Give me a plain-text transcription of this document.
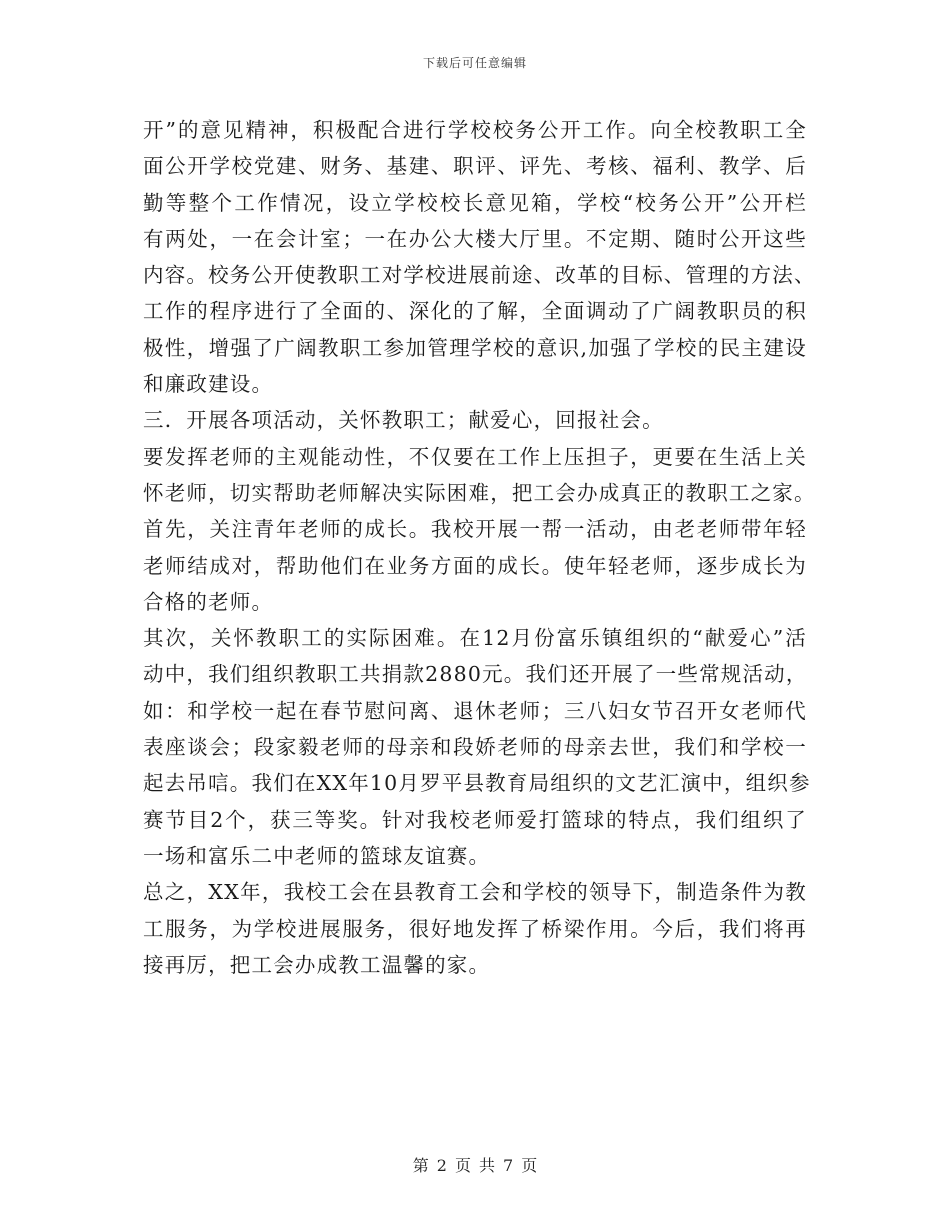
下载后可任意编辑
开”的意见精神，积极配合进行学校校务公开工作。向全校教职工全
面公开学校党建、财务、基建、职评、评先、考核、福利、教学、后
勤等整个工作情况，设立学校校长意见箱，学校“校务公开”公开栏
有两处，一在会计室；一在办公大楼大厅里。不定期、随时公开这些
内容。校务公开使教职工对学校进展前途、改革的目标、管理的方法、
工作的程序进行了全面的、深化的了解，全面调动了广阔教职员的积
极性，增强了广阔教职工参加管理学校的意识,加强了学校的民主建设
和廉政建设。
三．开展各项活动，关怀教职工；献爱心，回报社会。
要发挥老师的主观能动性，不仅要在工作上压担子，更要在生活上关
怀老师，切实帮助老师解决实际困难，把工会办成真正的教职工之家。
首先，关注青年老师的成长。我校开展一帮一活动，由老老师带年轻
老师结成对，帮助他们在业务方面的成长。使年轻老师，逐步成长为
合格的老师。
其次，关怀教职工的实际困难。在12月份富乐镇组织的“献爱心”活
动中，我们组织教职工共捐款2880元。我们还开展了一些常规活动，
如：和学校一起在春节慰问离、退休老师；三八妇女节召开女老师代
表座谈会；段家毅老师的母亲和段娇老师的母亲去世，我们和学校一
起去吊唁。我们在XX年10月罗平县教育局组织的文艺汇演中，组织参
赛节目2个，获三等奖。针对我校老师爱打篮球的特点，我们组织了
一场和富乐二中老师的篮球友谊赛。
总之，XX年，我校工会在县教育工会和学校的领导下，制造条件为教
工服务，为学校进展服务，很好地发挥了桥梁作用。今后，我们将再
接再厉，把工会办成教工温馨的家。
第 2 页 共 7 页
